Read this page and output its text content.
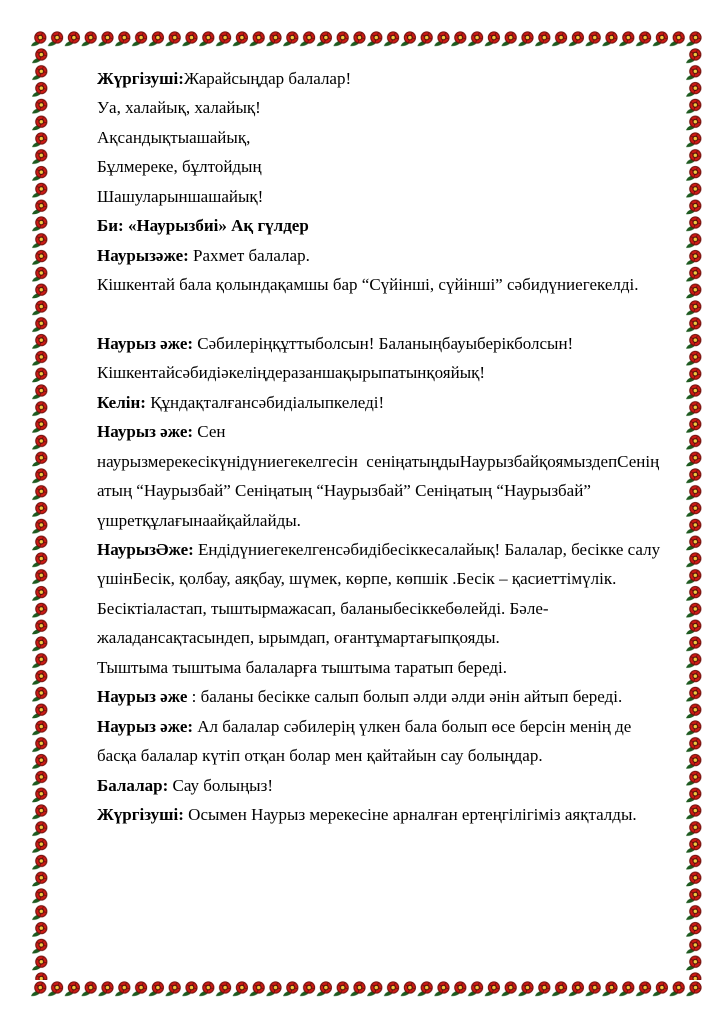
Жүргізуші:Жарайсыңдар балалар!

Уа, халайық, халайық!

Ақсандықтыашайық,

Бұлмереке, бұлтойдың

Шашуларыншашайық!

Би: «Наурызбиі» Ақ гүлдер

Наурызәже: Рахмет балалар.

Кішкентай бала қолындақамшы бар “Сүйінші, сүйінші” сәбидүниегекелді.

Наурыз әже: Сәбилеріңқұттыболсын! Баланыңбауыберікболсын!

Кішкентайсәбидіәкеліңдеразаншақырыпатынқояйық!

Келін: Құндақталғансәбидіалыпкеледі!

Наурыз әже: Сен

наурызмерекесікүнідүниегекелгесін  сеніңатыңдыНаурызбайқоямыздепСенің

атың “Наурызбай” Сеніңатың “Наурызбай” Сеніңатың “Наурызбай”

үшретқұлағынаайқайлайды.

НаурызӘже: Ендідүниегекелгенсәбидібесіккесалайық! Балалар, бесікке салу

үшінБесік, қолбау, аяқбау, шүмек, көрпе, көпшік .Бесік – қасиеттімүлік.

Бесіктіаластап, тыштырмажасап, баланыбесіккебөлейді. Бәле-

жаладансақтасындеп, ырымдап, оғантұмартағыпқояды.

Тыштыма тыштыма балаларға тыштыма таратып береді.

Наурыз әже : баланы бесікке салып болып әлди әлди әнін айтып береді.

Наурыз әже: Ал балалар сәбилерің үлкен бала болып өсе берсін менің де

басқа балалар күтіп отқан болар мен қайтайын сау болыңдар.

Балалар: Сау болыңыз!

Жүргізуші: Осымен Наурыз мерекесіне арналған ертеңгілігіміз аяқталды.
